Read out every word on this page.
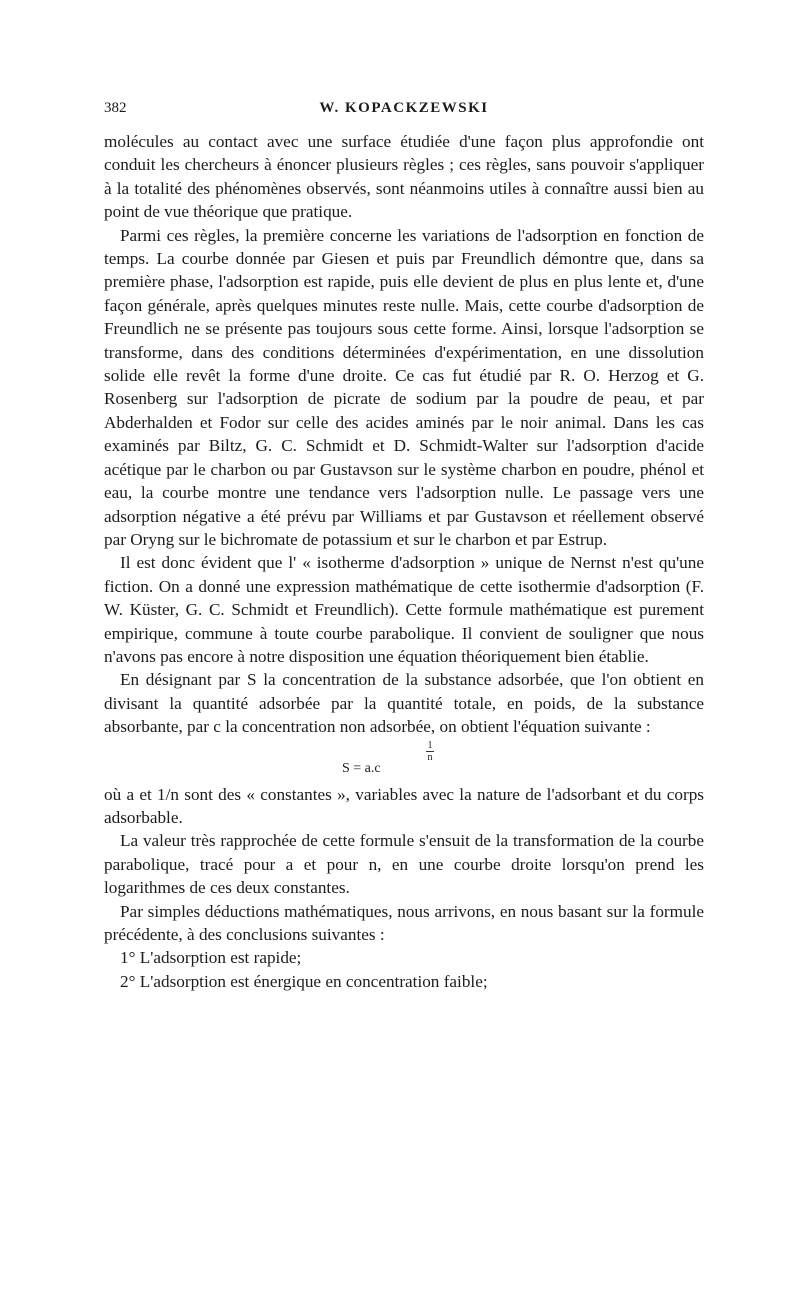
382	W. KOPACKZEWSKI

molécules au contact avec une surface étudiée d'une façon plus approfondie ont conduit les chercheurs à énoncer plusieurs règles ; ces règles, sans pouvoir s'appliquer à la totalité des phénomènes observés, sont néanmoins utiles à connaître aussi bien au point de vue théorique que pratique.

Parmi ces règles, la première concerne les variations de l'adsorption en fonction de temps. La courbe donnée par Giesen et puis par Freundlich démontre que, dans sa première phase, l'adsorption est rapide, puis elle devient de plus en plus lente et, d'une façon générale, après quelques minutes reste nulle. Mais, cette courbe d'adsorption de Freundlich ne se présente pas toujours sous cette forme. Ainsi, lorsque l'adsorption se transforme, dans des conditions déterminées d'expérimentation, en une dissolution solide elle revêt la forme d'une droite. Ce cas fut étudié par R. O. Herzog et G. Rosenberg sur l'adsorption de picrate de sodium par la poudre de peau, et par Abderhalden et Fodor sur celle des acides aminés par le noir animal. Dans les cas examinés par Biltz, G. C. Schmidt et D. Schmidt-Walter sur l'adsorption d'acide acétique par le charbon ou par Gustavson sur le système charbon en poudre, phénol et eau, la courbe montre une tendance vers l'adsorption nulle. Le passage vers une adsorption négative a été prévu par Williams et par Gustavson et réellement observé par Oryng sur le bichromate de potassium et sur le charbon et par Estrup.

Il est donc évident que l' « isotherme d'adsorption » unique de Nernst n'est qu'une fiction. On a donné une expression mathématique de cette isothermie d'adsorption (F. W. Küster, G. C. Schmidt et Freundlich). Cette formule mathématique est purement empirique, commune à toute courbe parabolique. Il convient de souligner que nous n'avons pas encore à notre disposition une équation théoriquement bien établie.

En désignant par S la concentration de la substance adsorbée, que l'on obtient en divisant la quantité adsorbée par la quantité totale, en poids, de la substance absorbante, par c la concentration non adsorbée, on obtient l'équation suivante :

S = a.c
1
n

où a et 1/n sont des « constantes », variables avec la nature de l'adsorbant et du corps adsorbable.

La valeur très rapprochée de cette formule s'ensuit de la transformation de la courbe parabolique, tracé pour a et pour n, en une courbe droite lorsqu'on prend les logarithmes de ces deux constantes.

Par simples déductions mathématiques, nous arrivons, en nous basant sur la formule précédente, à des conclusions suivantes :

1° L'adsorption est rapide;

2° L'adsorption est énergique en concentration faible;
